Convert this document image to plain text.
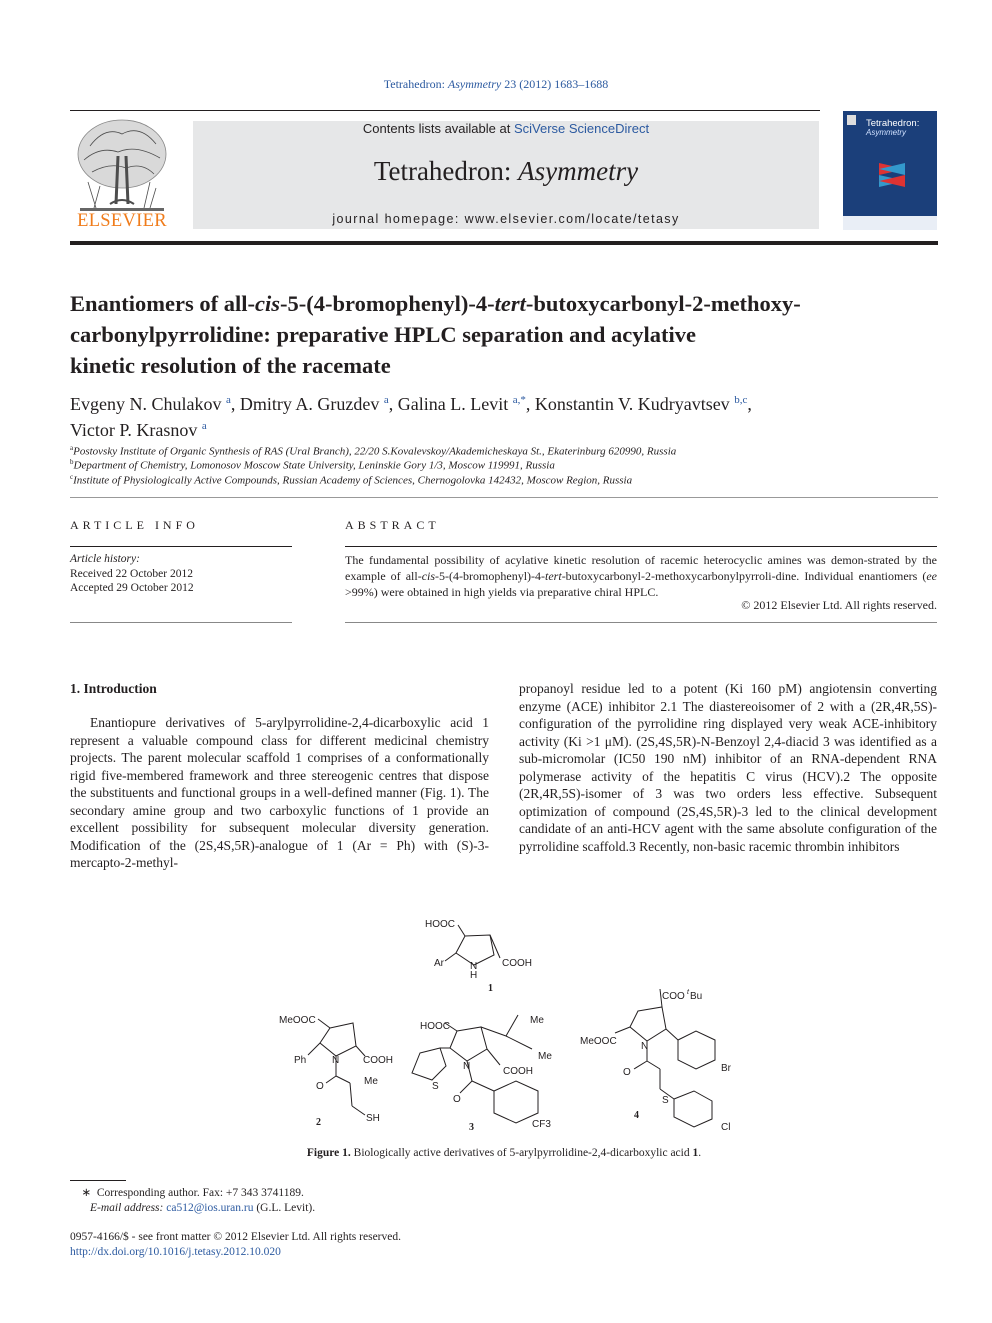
Tetrahedron: Asymmetry 23 (2012) 1683–1688
ELSEVIER
Contents lists available at SciVerse ScienceDirect
Tetrahedron: Asymmetry
journal homepage: www.elsevier.com/locate/tetasy
Tetrahedron:
Asymmetry
Enantiomers of all-cis-5-(4-bromophenyl)-4-tert-butoxycarbonyl-2-methoxy-
carbonylpyrrolidine: preparative HPLC separation and acylative
kinetic resolution of the racemate
Evgeny N. Chulakov $^a$, Dmitry A. Gruzdev $^a$, Galina L. Levit $^{a,*}$, Konstantin V. Kudryavtsev $^{b,c}$,
Victor P. Krasnov $^a$
$^a$Postovsky Institute of Organic Synthesis of RAS (Ural Branch), 22/20 S.Kovalevskoy/Akademicheskaya St., Ekaterinburg 620990, Russia
$^b$Department of Chemistry, Lomonosov Moscow State University, Leninskie Gory 1/3, Moscow 119991, Russia
$^c$Institute of Physiologically Active Compounds, Russian Academy of Sciences, Chernogolovka 142432, Moscow Region, Russia
ARTICLE INFO
Article history:
Received 22 October 2012
Accepted 29 October 2012
ABSTRACT
The fundamental possibility of acylative kinetic resolution of racemic heterocyclic amines was demon-strated by the example of all-cis-5-(4-bromophenyl)-4-tert-butoxycarbonyl-2-methoxycarbonylpyrroli-dine. Individual enantiomers (ee >99%) were obtained in high yields via preparative chiral HPLC.
© 2012 Elsevier Ltd. All rights reserved.
1. Introduction

Enantiopure derivatives of 5-arylpyrrolidine-2,4-dicarboxylic acid 1 represent a valuable compound class for different medicinal chemistry projects. The parent molecular scaffold 1 comprises of a conformationally rigid five-membered framework and three stereogenic centres that dispose the substituents and functional groups in a well-defined manner (Fig. 1). The secondary amine group and two carboxylic functions of 1 provide an excellent possibility for subsequent molecular diversity generation. Modification of the (2S,4S,5R)-analogue of 1 (Ar = Ph) with (S)-3-mercapto-2-methyl-

propanoyl residue led to a potent (Ki 160 pM) angiotensin converting enzyme (ACE) inhibitor 2.1 The diastereoisomer of 2 with a (2R,4R,5S)-configuration of the pyrrolidine ring displayed very weak ACE-inhibitory activity (Ki >1 μM). (2S,4S,5R)-N-Benzoyl 2,4-diacid 3 was identified as a sub-micromolar (IC50 190 nM) inhibitor of an RNA-dependent RNA polymerase activity of the hepatitis C virus (HCV).2 The opposite (2R,4R,5S)-isomer of 3 was two orders less effective. Subsequent optimization of compound (2S,4S,5R)-3 led to the clinical development candidate of an anti-HCV agent with the same absolute configuration of the pyrrolidine scaffold.3 Recently, non-basic racemic thrombin inhibitors

HOOC
Ar	N
H
COOH
1
MeOOC
Ph	N COOH
O	Me
SH
2
HOOC
S
N	COOH
Me
Me
O
CF3
3
COO t Bu
MeOOC N
O	Br
S
Cl
4
Figure 1. Biologically active derivatives of 5-arylpyrrolidine-2,4-dicarboxylic acid 1.
∗  Corresponding author. Fax: +7 343 3741189.
E-mail address: ca512@ios.uran.ru (G.L. Levit).
0957-4166/$ - see front matter © 2012 Elsevier Ltd. All rights reserved.
http://dx.doi.org/10.1016/j.tetasy.2012.10.020
